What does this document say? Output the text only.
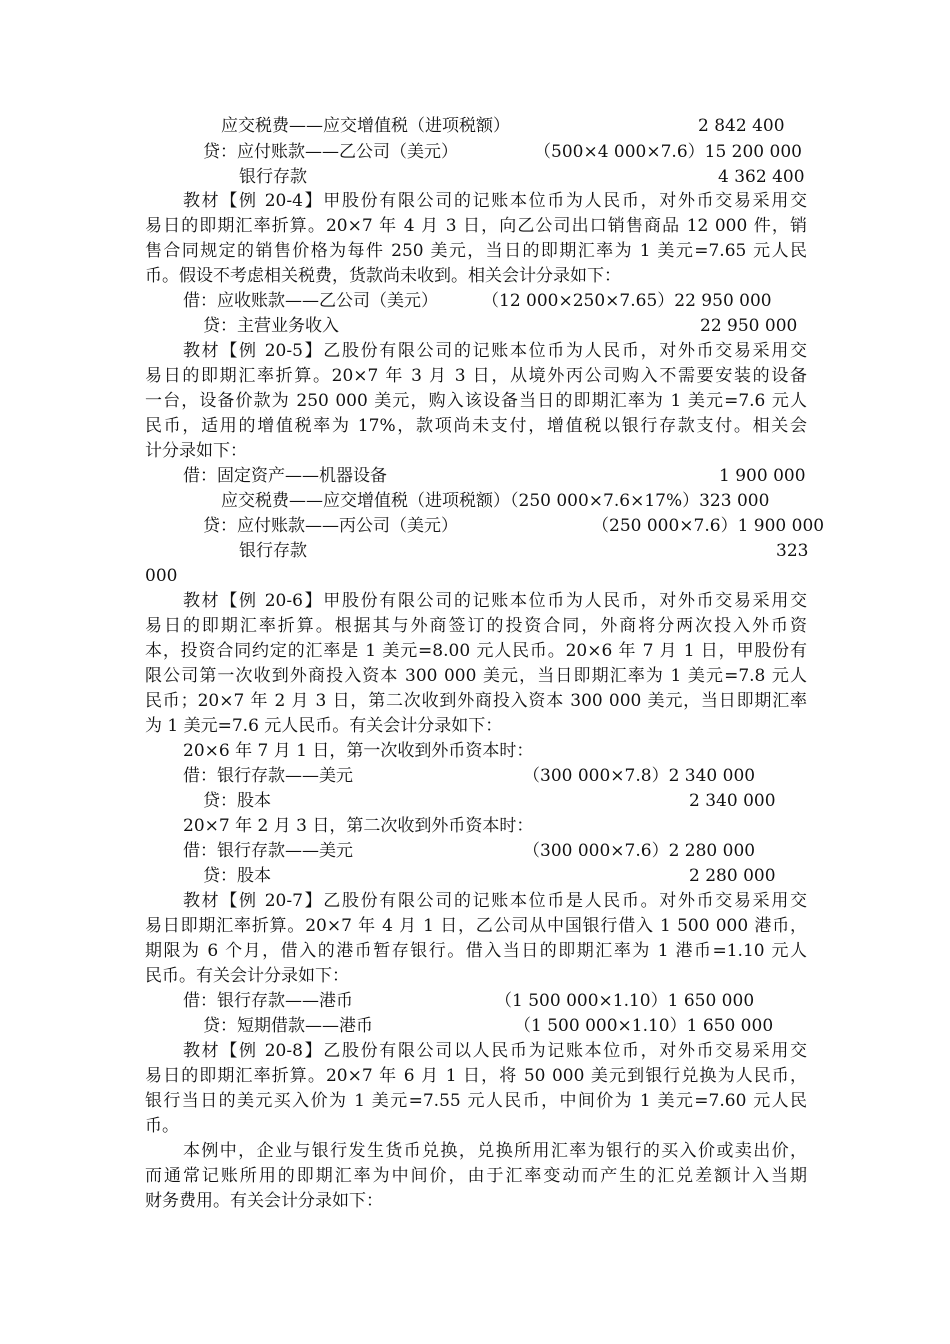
应交税费——应交增值税（进项税额）	2 842 400
贷：应付账款——乙公司（美元）	（500×4 000×7.6）15 200 000
银行存款	4 362 400
教材【例 20-4】甲股份有限公司的记账本位币为人民币，对外币交易采用交
易日的即期汇率折算。20×7 年 4 月 3 日，向乙公司出口销售商品 12 000 件，销
售合同规定的销售价格为每件 250 美元，当日的即期汇率为 1 美元=7.65 元人民
币。假设不考虑相关税费，货款尚未收到。相关会计分录如下：
借：应收账款——乙公司（美元）	（12 000×250×7.65）22 950 000
贷：主营业务收入	22 950 000
教材【例 20-5】乙股份有限公司的记账本位币为人民币，对外币交易采用交
易日的即期汇率折算。20×7 年 3 月 3 日，从境外丙公司购入不需要安装的设备
一台，设备价款为 250 000 美元，购入该设备当日的即期汇率为 1 美元=7.6 元人
民币，适用的增值税率为 17%，款项尚未支付，增值税以银行存款支付。相关会
计分录如下：
借：固定资产——机器设备	1 900 000
应交税费——应交增值税（进项税额）（250 000×7.6×17%）323 000
贷：应付账款——丙公司（美元）	（250 000×7.6）1 900 000
银行存款	323
000
教材【例 20-6】甲股份有限公司的记账本位币为人民币，对外币交易采用交
易日的即期汇率折算。根据其与外商签订的投资合同，外商将分两次投入外币资
本，投资合同约定的汇率是 1 美元=8.00 元人民币。20×6 年 7 月 1 日，甲股份有
限公司第一次收到外商投入资本 300 000 美元，当日即期汇率为 1 美元=7.8 元人
民币；20×7 年 2 月 3 日，第二次收到外商投入资本 300 000 美元，当日即期汇率
为 1 美元=7.6 元人民币。有关会计分录如下：
20×6 年 7 月 1 日，第一次收到外币资本时：
借：银行存款——美元	（300 000×7.8）2 340 000
贷：股本	2 340 000
20×7 年 2 月 3 日，第二次收到外币资本时：
借：银行存款——美元	（300 000×7.6）2 280 000
贷：股本	2 280 000
教材【例 20-7】乙股份有限公司的记账本位币是人民币。对外币交易采用交
易日即期汇率折算。20×7 年 4 月 1 日，乙公司从中国银行借入 1 500 000 港币，
期限为 6 个月，借入的港币暂存银行。借入当日的即期汇率为 1 港币=1.10 元人
民币。有关会计分录如下：
借：银行存款——港币	（1 500 000×1.10）1 650 000
贷：短期借款——港币	（1 500 000×1.10）1 650 000
教材【例 20-8】乙股份有限公司以人民币为记账本位币，对外币交易采用交
易日的即期汇率折算。20×7 年 6 月 1 日，将 50 000 美元到银行兑换为人民币，
银行当日的美元买入价为 1 美元=7.55 元人民币，中间价为 1 美元=7.60 元人民
币。
本例中，企业与银行发生货币兑换，兑换所用汇率为银行的买入价或卖出价，
而通常记账所用的即期汇率为中间价，由于汇率变动而产生的汇兑差额计入当期
财务费用。有关会计分录如下：
